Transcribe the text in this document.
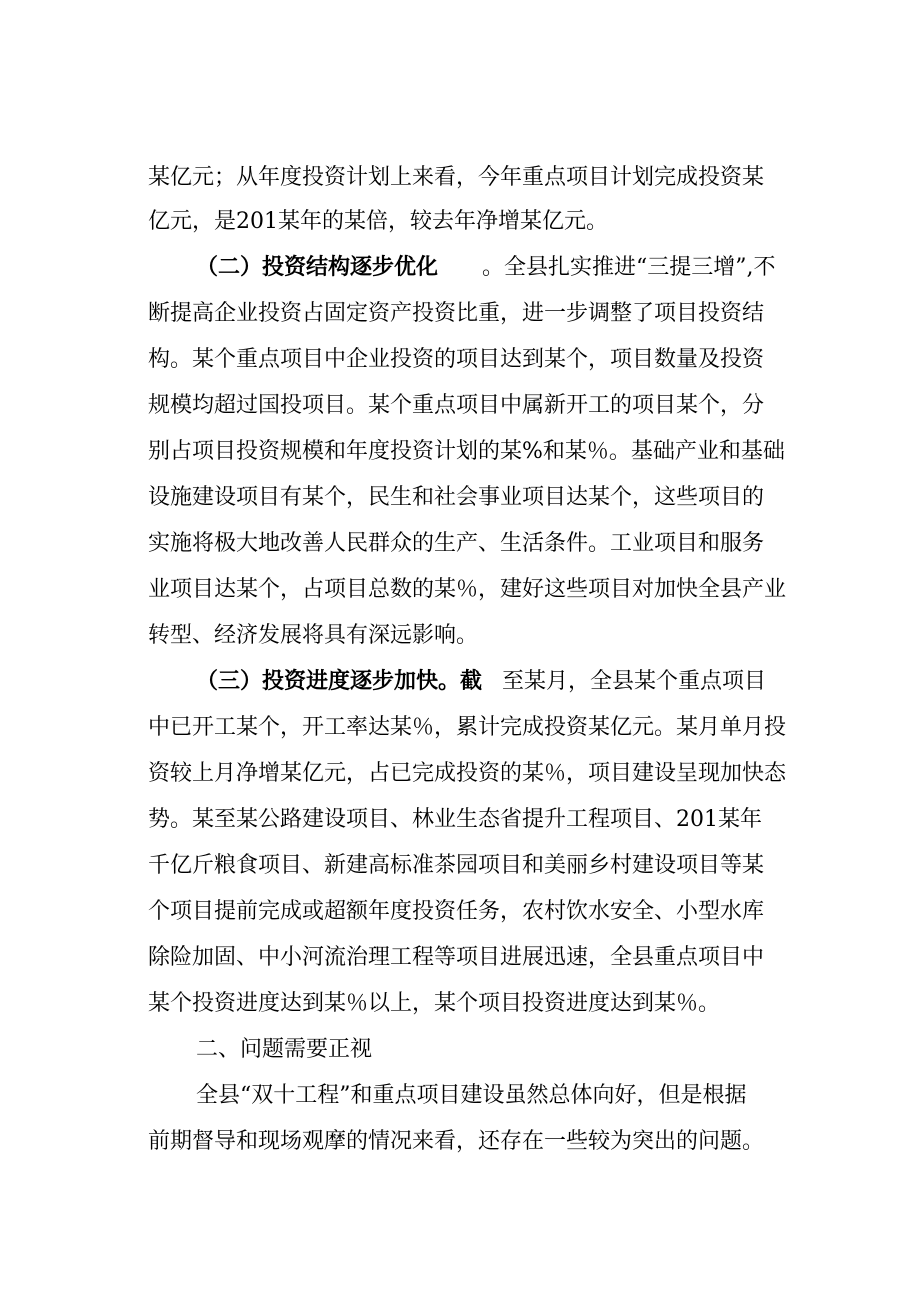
某亿元；从年度投资计划上来看，今年重点项目计划完成投资某
亿元，是201某年的某倍，较去年净增某亿元。
（二）投资结构逐步优化 。全县扎实推进“三提三增”,不
断提高企业投资占固定资产投资比重，进一步调整了项目投资结
构。某个重点项目中企业投资的项目达到某个，项目数量及投资
规模均超过国投项目。某个重点项目中属新开工的项目某个，分
别占项目投资规模和年度投资计划的某%和某％。基础产业和基础
设施建设项目有某个，民生和社会事业项目达某个，这些项目的
实施将极大地改善人民群众的生产、生活条件。工业项目和服务
业项目达某个，占项目总数的某％，建好这些项目对加快全县产业
转型、经济发展将具有深远影响。
（三）投资进度逐步加快。截 至某月，全县某个重点项目
中已开工某个，开工率达某％，累计完成投资某亿元。某月单月投
资较上月净增某亿元，占已完成投资的某％，项目建设呈现加快态
势。某至某公路建设项目、林业生态省提升工程项目、201某年
千亿斤粮食项目、新建高标准茶园项目和美丽乡村建设项目等某
个项目提前完成或超额年度投资任务，农村饮水安全、小型水库
除险加固、中小河流治理工程等项目进展迅速，全县重点项目中
某个投资进度达到某％以上，某个项目投资进度达到某％。
二、问题需要正视
全县“双十工程”和重点项目建设虽然总体向好，但是根据
前期督导和现场观摩的情况来看，还存在一些较为突出的问题。
